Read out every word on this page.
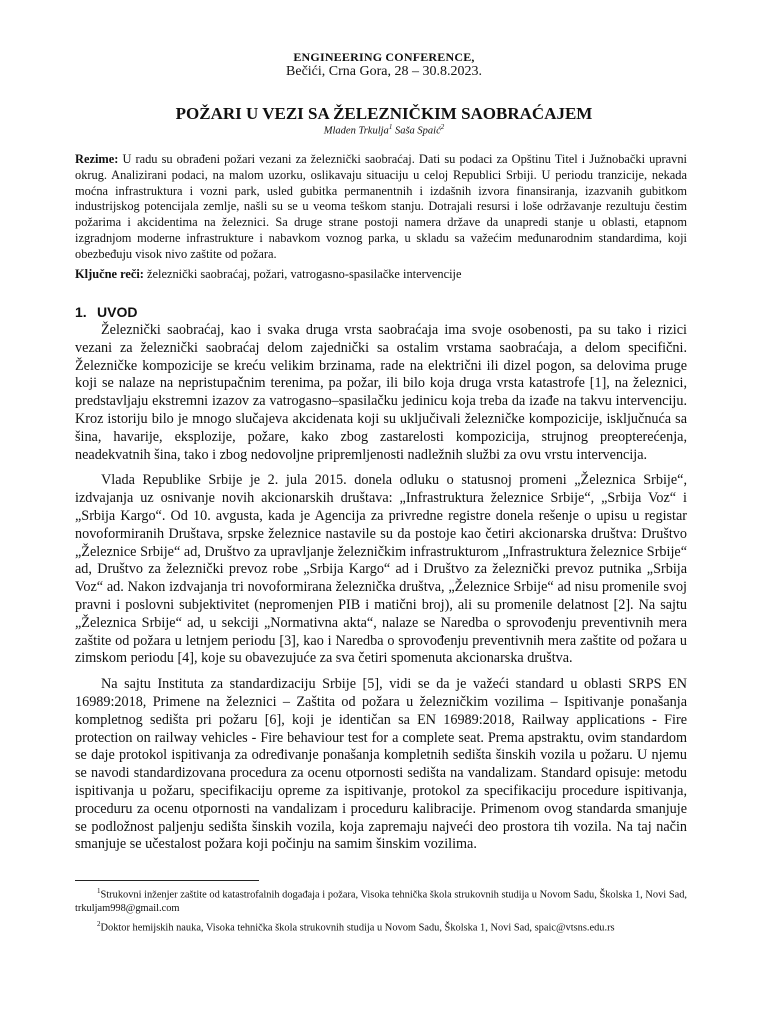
ENGINEERING CONFERENCE,
Bečići, Crna Gora, 28 – 30.8.2023.
POŽARI U VEZI SA ŽELEZNIČKIM SAOBRAĆAJEM
Mladen Trkulja$^1$ Saša Spaić$^2$
Rezime: U radu su obrađeni požari vezani za železnički saobraćaj. Dati su podaci za Opštinu Titel i Južnobački upravni okrug. Analizirani podaci, na malom uzorku, oslikavaju situaciju u celoj Republici Srbiji. U periodu tranzicije, nekada moćna infrastruktura i vozni park, usled gubitka permanentnih i izdašnih izvora finansiranja, izazvanih gubitkom industrijskog potencijala zemlje, našli su se u veoma teškom stanju. Dotrajali resursi i loše održavanje rezultuju čestim požarima i akcidentima na železnici. Sa druge strane postoji namera države da unapredi stanje u oblasti, etapnom izgradnjom moderne infrastrukture i nabavkom voznog parka, u skladu sa važećim međunarodnim standardima, koji obezbeđuju visok nivo zaštite od požara.
Ključne reči: železnički saobraćaj, požari, vatrogasno-spasilačke intervencije
1. UVOD

Železnički saobraćaj, kao i svaka druga vrsta saobraćaja ima svoje osobenosti, pa su tako i rizici vezani za železnički saobraćaj delom zajednički sa ostalim vrstama saobraćaja, a delom specifični. Železničke kompozicije se kreću velikim brzinama, rade na električni ili dizel pogon, sa delovima pruge koji se nalaze na nepristupačnim terenima, pa požar, ili bilo koja druga vrsta katastrofe [1], na železnici, predstavljaju ekstremni izazov za vatrogasno–spasilačku jedinicu koja treba da izađe na takvu intervenciju. Kroz istoriju bilo je mnogo slučajeva akcidenata koji su uključivali železničke kompozicije, isključnuća sa šina, havarije, eksplozije, požare, kako zbog zastarelosti kompozicija, strujnog preopterećenja, neadekvatnih šina, tako i zbog nedovoljne pripremljenosti nadležnih službi za ovu vrstu intervencija.

Vlada Republike Srbije je 2. jula 2015. donela odluku o statusnoj promeni „Železnica Srbije“, izdvajanja uz osnivanje novih akcionarskih društava: „Infrastruktura železnice Srbije“, „Srbija Voz“ i „Srbija Kargo“. Od 10. avgusta, kada je Agencija za privredne registre donela rešenje o upisu u registar novoformiranih Društava, srpske železnice nastavile su da postoje kao četiri akcionarska društva: Društvo „Železnice Srbije“ ad, Društvo za upravljanje železničkim infrastrukturom „Infrastruktura železnice Srbije“ ad, Društvo za železnički prevoz robe „Srbija Kargo“ ad i Društvo za železnički prevoz putnika „Srbija Voz“ ad. Nakon izdvajanja tri novoformirana železnička društva, „Železnice Srbije“ ad nisu promenile svoj pravni i poslovni subjektivitet (nepromenjen PIB i matični broj), ali su promenile delatnost [2]. Na sajtu „Železnica Srbije“ ad, u sekciji „Normativna akta“, nalaze se Naredba o sprovođenju preventivnih mera zaštite od požara u letnjem periodu [3], kao i Naredba o sprovođenju preventivnih mera zaštite od požara u zimskom periodu [4], koje su obavezujuće za sva četiri spomenuta akcionarska društva.

Na sajtu Instituta za standardizaciju Srbije [5], vidi se da je važeći standard u oblasti SRPS EN 16989:2018, Primene na železnici – Zaštita od požara u železničkim vozilima – Ispitivanje ponašanja kompletnog sedišta pri požaru [6], koji je identičan sa EN 16989:2018, Railway applications - Fire protection on railway vehicles - Fire behaviour test for a complete seat. Prema apstraktu, ovim standardom se daje protokol ispitivanja za određivanje ponašanja kompletnih sedišta šinskih vozila u požaru. U njemu se navodi standardizovana procedura za ocenu otpornosti sedišta na vandalizam. Standard opisuje: metodu ispitivanja u požaru, specifikaciju opreme za ispitivanje, protokol za specifikaciju procedure ispitivanja, proceduru za ocenu otpornosti na vandalizam i proceduru kalibracije. Primenom ovog standarda smanjuje se podložnost paljenju sedišta šinskih vozila, koja zapremaju najveći deo prostora tih vozila. Na taj način smanjuje se učestalost požara koji počinju na samim šinskim vozilima.

$^1$Strukovni inženjer zaštite od katastrofalnih događaja i požara, Visoka tehnička škola strukovnih studija u Novom Sadu, Školska 1, Novi Sad, trkuljam998@gmail.com

$^2$Doktor hemijskih nauka, Visoka tehnička škola strukovnih studija u Novom Sadu, Školska 1, Novi Sad, spaic@vtsns.edu.rs
